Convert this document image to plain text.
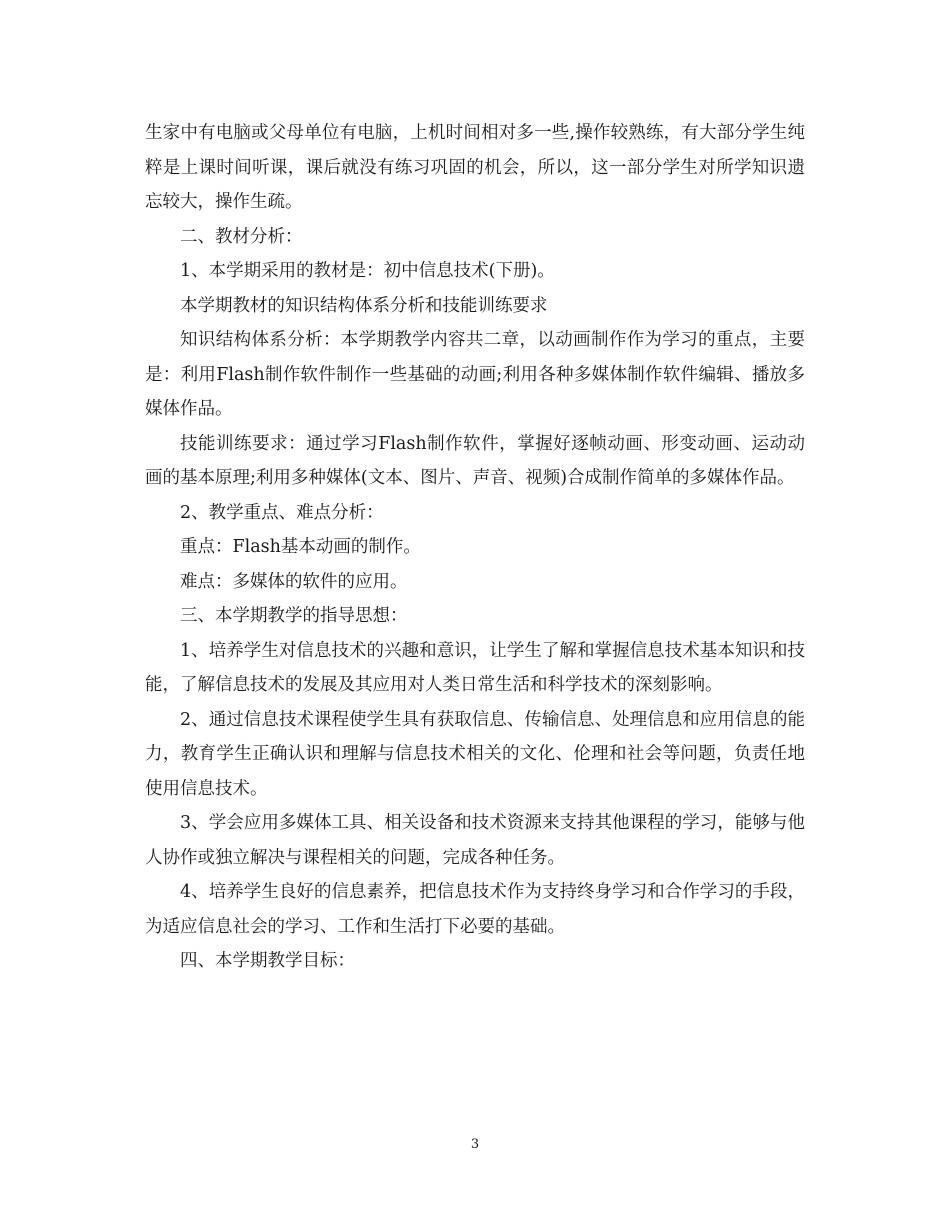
生家中有电脑或父母单位有电脑，上机时间相对多一些,操作较熟练，有大部分学生纯粹是上课时间听课，课后就没有练习巩固的机会，所以，这一部分学生对所学知识遗忘较大，操作生疏。

二、教材分析：

1、本学期采用的教材是：初中信息技术(下册)。

本学期教材的知识结构体系分析和技能训练要求

知识结构体系分析：本学期教学内容共二章，以动画制作作为学习的重点，主要是：利用Flash制作软件制作一些基础的动画;利用各种多媒体制作软件编辑、播放多媒体作品。

技能训练要求：通过学习Flash制作软件，掌握好逐帧动画、形变动画、运动动画的基本原理;利用多种媒体(文本、图片、声音、视频)合成制作简单的多媒体作品。

2、教学重点、难点分析：

重点：Flash基本动画的制作。

难点：多媒体的软件的应用。

三、本学期教学的指导思想：

1、培养学生对信息技术的兴趣和意识，让学生了解和掌握信息技术基本知识和技能，了解信息技术的发展及其应用对人类日常生活和科学技术的深刻影响。

2、通过信息技术课程使学生具有获取信息、传输信息、处理信息和应用信息的能力，教育学生正确认识和理解与信息技术相关的文化、伦理和社会等问题，负责任地使用信息技术。

3、学会应用多媒体工具、相关设备和技术资源来支持其他课程的学习，能够与他人协作或独立解决与课程相关的问题，完成各种任务。

4、培养学生良好的信息素养，把信息技术作为支持终身学习和合作学习的手段，为适应信息社会的学习、工作和生活打下必要的基础。

四、本学期教学目标：

3
